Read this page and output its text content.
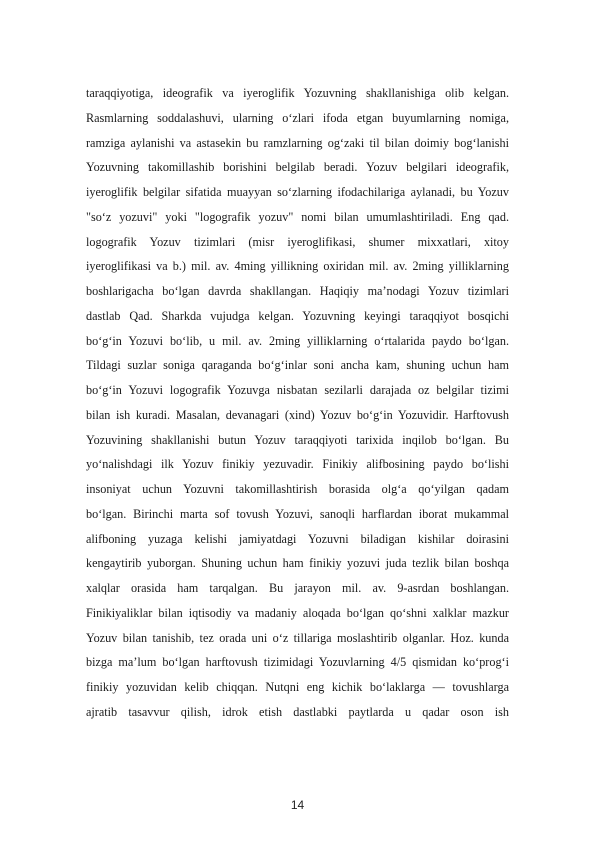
taraqqiyotiga, ideografik va iyeroglifik Yozuvning shakllanishiga olib kelgan.
Rasmlarning soddalashuvi, ularning oʻzlari ifoda etgan buyumlarning nomiga,
ramziga aylanishi va astasekin bu ramzlarning ogʻzaki til bilan doimiy bogʻlanishi
Yozuvning takomillashib borishini belgilab beradi. Yozuv belgilari ideografik,
iyeroglifik belgilar sifatida muayyan soʻzlarning ifodachilariga aylanadi, bu Yozuv
"soʻz yozuvi" yoki "logografik yozuv" nomi bilan umumlashtiriladi. Eng qad.
logografik Yozuv tizimlari (misr iyeroglifikasi, shumer mixxatlari, xitoy
iyeroglifikasi va b.) mil. av. 4ming yillikning oxiridan mil. av. 2ming yilliklarning
boshlarigacha boʻlgan davrda shakllangan. Haqiqiy maʼnodagi Yozuv tizimlari
dastlab Qad. Sharkda vujudga kelgan. Yozuvning keyingi taraqqiyot bosqichi
boʻgʻin Yozuvi boʻlib, u mil. av. 2ming yilliklarning oʻrtalarida paydo boʻlgan.
Tildagi suzlar soniga qaraganda boʻgʻinlar soni ancha kam, shuning uchun ham
boʻgʻin Yozuvi logografik Yozuvga nisbatan sezilarli darajada oz belgilar tizimi
bilan ish kuradi. Masalan, devanagari (xind) Yozuv boʻgʻin Yozuvidir. Harftovush
Yozuvining shakllanishi butun Yozuv taraqqiyoti tarixida inqilob boʻlgan. Bu
yoʻnalishdagi ilk Yozuv finikiy yezuvadir. Finikiy alifbosining paydo boʻlishi
insoniyat uchun Yozuvni takomillashtirish borasida olgʻa qoʻyilgan qadam
boʻlgan. Birinchi marta sof tovush Yozuvi, sanoqli harflardan iborat mukammal
alifboning yuzaga kelishi jamiyatdagi Yozuvni biladigan kishilar doirasini
kengaytirib yuborgan. Shuning uchun ham finikiy yozuvi juda tezlik bilan boshqa
xalqlar orasida ham tarqalgan. Bu jarayon mil. av. 9-asrdan boshlangan.
Finikiyaliklar bilan iqtisodiy va madaniy aloqada boʻlgan qoʻshni xalklar mazkur
Yozuv bilan tanishib, tez orada uni oʻz tillariga moslashtirib olganlar. Hoz. kunda
bizga maʼlum boʻlgan harftovush tizimidagi Yozuvlarning 4/5 qismidan koʻprogʻi
finikiy yozuvidan kelib chiqqan. Nutqni eng kichik boʻlaklarga — tovushlarga
ajratib tasavvur qilish, idrok etish dastlabki paytlarda u qadar oson ish
14
